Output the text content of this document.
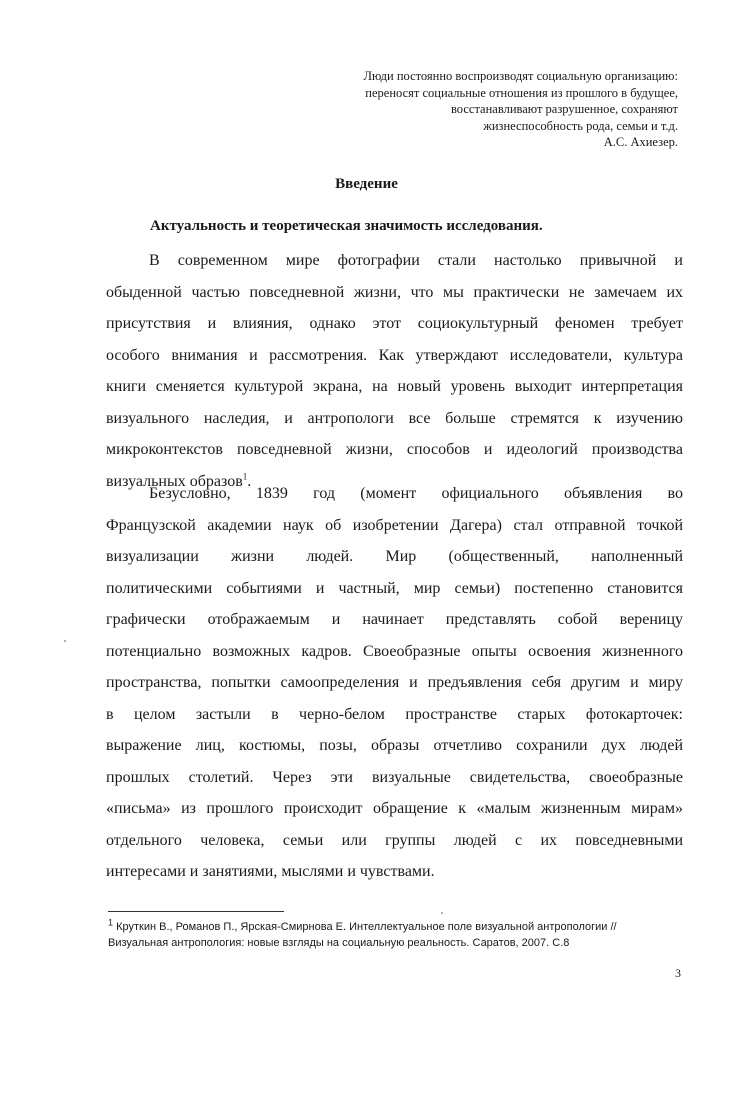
Люди постоянно воспроизводят социальную организацию:
переносят социальные отношения из прошлого в будущее,
восстанавливают разрушенное, сохраняют
жизнеспособность рода, семьи и т.д.
А.С. Ахиезер.
Введение
Актуальность и теоретическая значимость исследования.
В современном мире фотографии стали настолько привычной и
обыденной частью повседневной жизни, что мы практически не замечаем их
присутствия и влияния, однако этот социокультурный феномен требует
особого внимания и рассмотрения. Как утверждают исследователи, культура
книги сменяется культурой экрана, на новый уровень выходит интерпретация
визуального наследия, и антропологи все больше стремятся к изучению
микроконтекстов повседневной жизни, способов и идеологий производства
визуальных образов$^1$.
Безусловно, 1839 год (момент официального объявления во
Французской академии наук об изобретении Дагера) стал отправной точкой
визуализации жизни людей. Мир (общественный, наполненный
политическими событиями и частный, мир семьи) постепенно становится
графически отображаемым и начинает представлять собой вереницу
потенциально возможных кадров. Своеобразные опыты освоения жизненного
пространства, попытки самоопределения и предъявления себя другим и миру
в целом застыли в черно-белом пространстве старых фотокарточек:
выражение лиц, костюмы, позы, образы отчетливо сохранили дух людей
прошлых столетий. Через эти визуальные свидетельства, своеобразные
«письма» из прошлого происходит обращение к «малым жизненным мирам»
отдельного человека, семьи или группы людей с их повседневными
интересами и занятиями, мыслями и чувствами.
$^1$ Круткин В., Романов П., Ярская-Смирнова Е. Интеллектуальное поле визуальной антропологии //
Визуальная антропология: новые взгляды на социальную реальность. Саратов, 2007. С.8
3
